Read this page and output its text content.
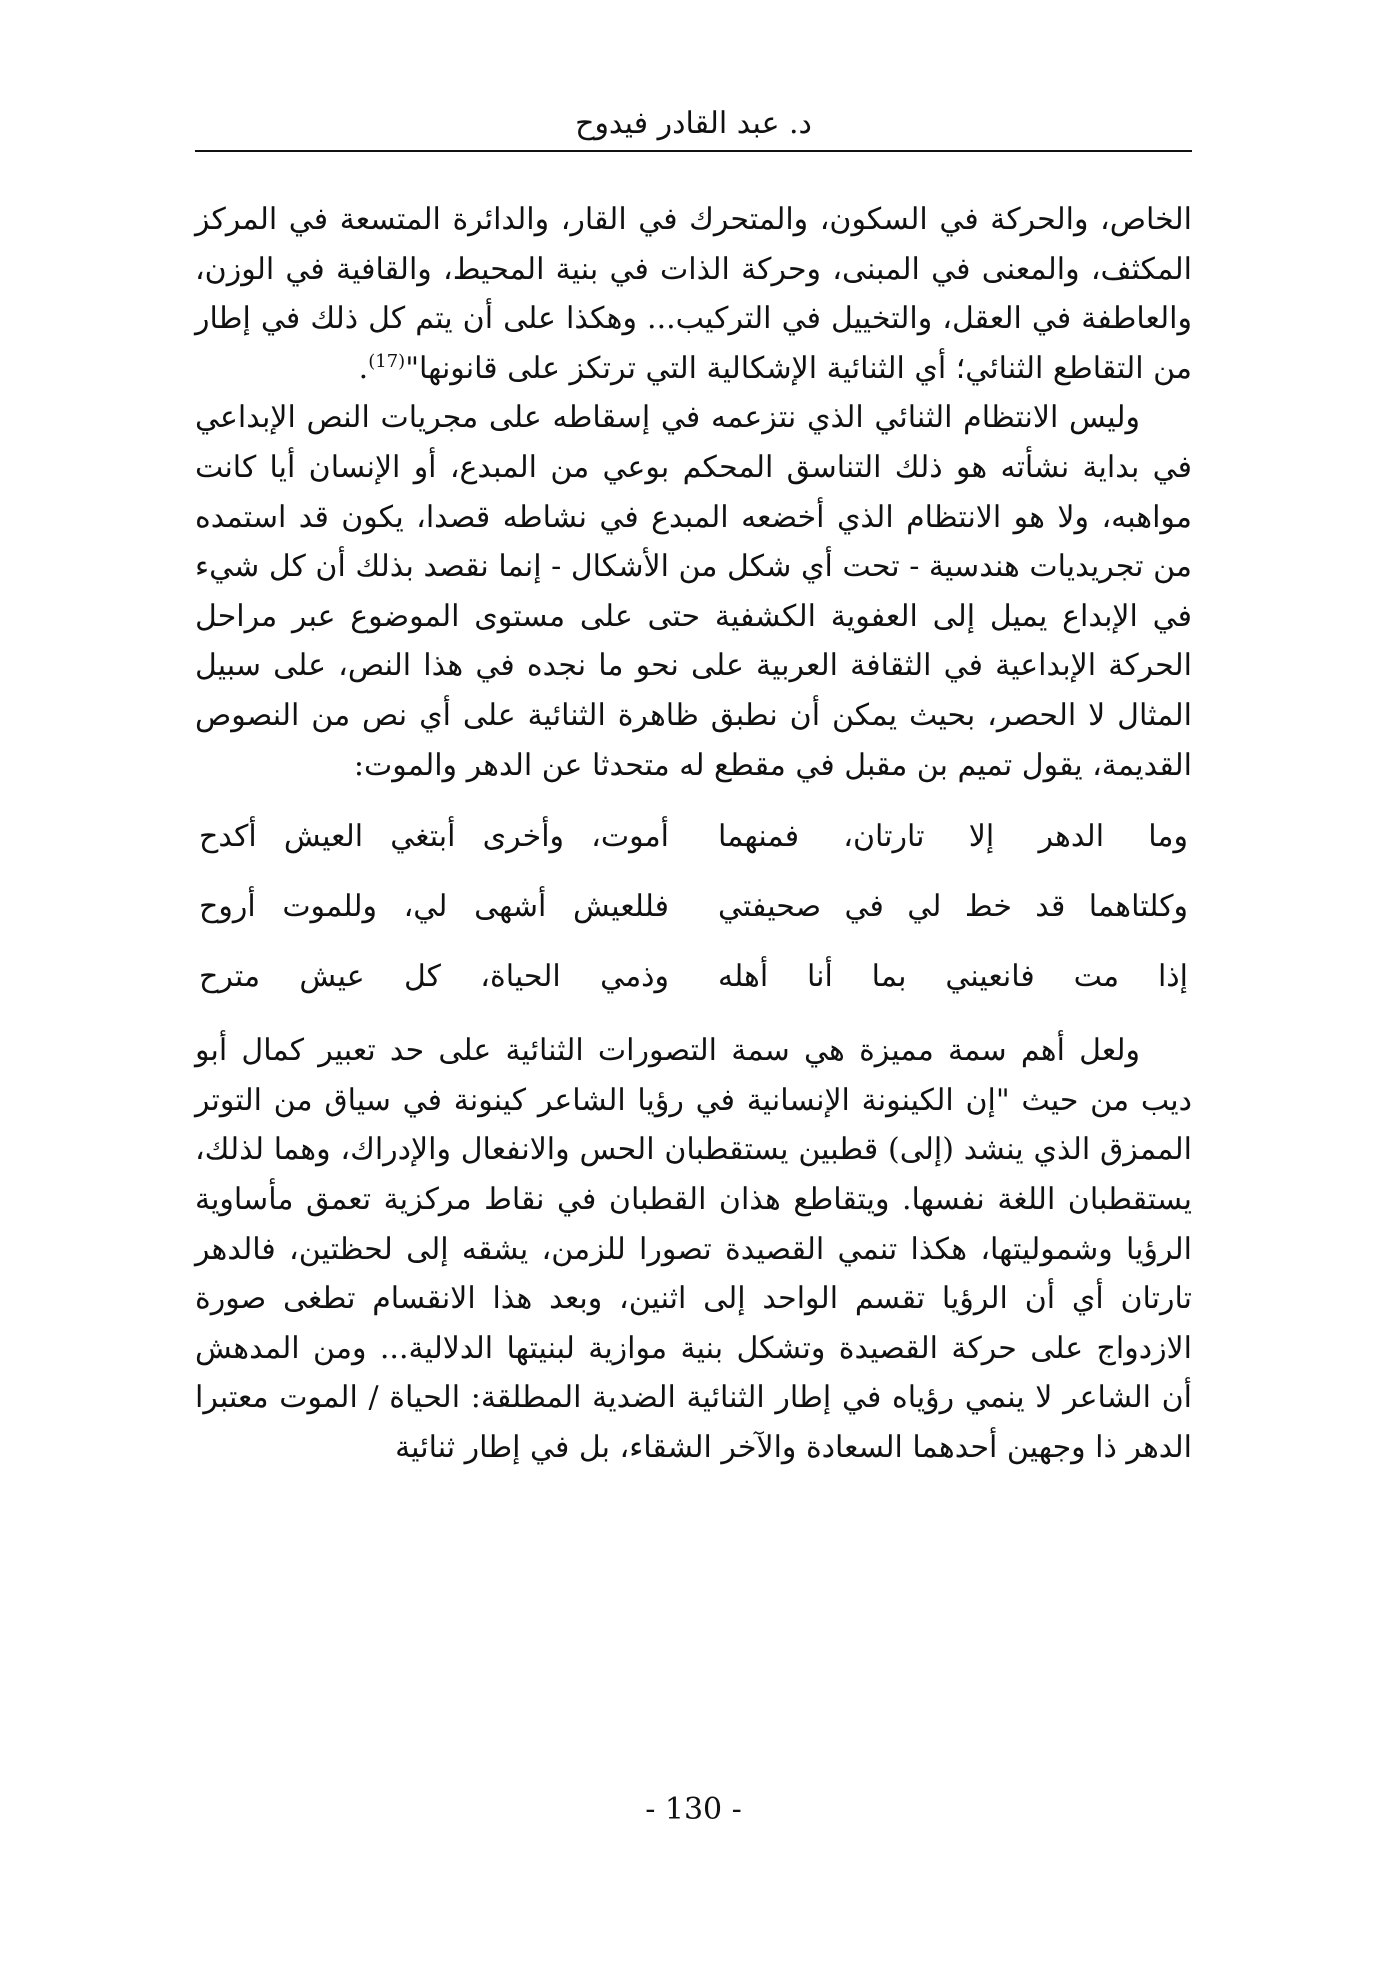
د. عبد القادر فيدوح

الخاص، والحركة في السكون، والمتحرك في القار، والدائرة المتسعة في المركز المكثف، والمعنى في المبنى، وحركة الذات في بنية المحيط، والقافية في الوزن، والعاطفة في العقل، والتخييل في التركيب... وهكذا على أن يتم كل ذلك في إطار من التقاطع الثنائي؛ أي الثنائية الإشكالية التي ترتكز على قانونها"$^{(17)}$.

وليس الانتظام الثنائي الذي نتزعمه في إسقاطه على مجريات النص الإبداعي في بداية نشأته هو ذلك التناسق المحكم بوعي من المبدع، أو الإنسان أيا كانت مواهبه، ولا هو الانتظام الذي أخضعه المبدع في نشاطه قصدا، يكون قد استمده من تجريديات هندسية - تحت أي شكل من الأشكال - إنما نقصد بذلك أن كل شيء في الإبداع يميل إلى العفوية الكشفية حتى على مستوى الموضوع عبر مراحل الحركة الإبداعية في الثقافة العربية على نحو ما نجده في هذا النص، على سبيل المثال لا الحصر، بحيث يمكن أن نطبق ظاهرة الثنائية على أي نص من النصوص القديمة، يقول تميم بن مقبل في مقطع له متحدثا عن الدهر والموت:

وما الدهر إلا تارتان، فمنهما
أموت، وأخرى أبتغي العيش أكدح
وكلتاهما قد خط لي في صحيفتي
فللعيش أشهى لي، وللموت أروح
إذا مت فانعيني بما أنا أهله
وذمي الحياة، كل عيش مترح

ولعل أهم سمة مميزة هي سمة التصورات الثنائية على حد تعبير كمال أبو ديب من حيث "إن الكينونة الإنسانية في رؤيا الشاعر كينونة في سياق من التوتر الممزق الذي ينشد (إلى) قطبين يستقطبان الحس والانفعال والإدراك، وهما لذلك، يستقطبان اللغة نفسها. ويتقاطع هذان القطبان في نقاط مركزية تعمق مأساوية الرؤيا وشموليتها، هكذا تنمي القصيدة تصورا للزمن، يشقه إلى لحظتين، فالدهر تارتان أي أن الرؤيا تقسم الواحد إلى اثنين، وبعد هذا الانقسام تطغى صورة الازدواج على حركة القصيدة وتشكل بنية موازية لبنيتها الدلالية... ومن المدهش أن الشاعر لا ينمي رؤياه في إطار الثنائية الضدية المطلقة: الحياة / الموت معتبرا الدهر ذا وجهين أحدهما السعادة والآخر الشقاء، بل في إطار ثنائية

- 130 -
